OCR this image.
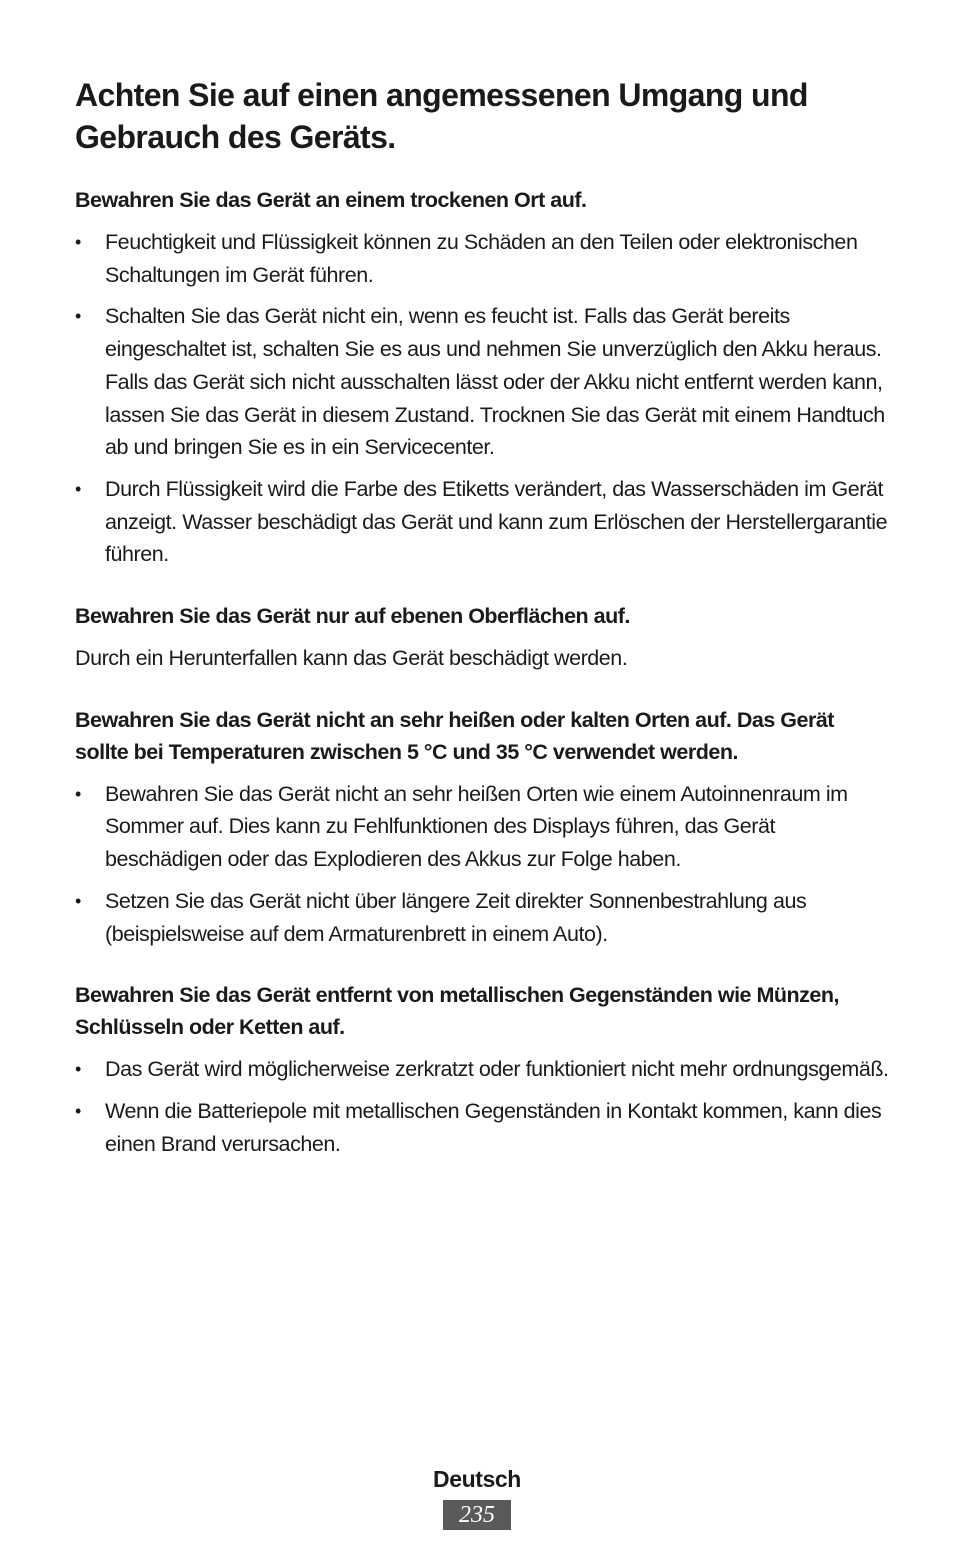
Achten Sie auf einen angemessenen Umgang und Gebrauch des Geräts.
Bewahren Sie das Gerät an einem trockenen Ort auf.
• Feuchtigkeit und Flüssigkeit können zu Schäden an den Teilen oder elektronischen Schaltungen im Gerät führen.
• Schalten Sie das Gerät nicht ein, wenn es feucht ist. Falls das Gerät bereits eingeschaltet ist, schalten Sie es aus und nehmen Sie unverzüglich den Akku heraus. Falls das Gerät sich nicht ausschalten lässt oder der Akku nicht entfernt werden kann, lassen Sie das Gerät in diesem Zustand. Trocknen Sie das Gerät mit einem Handtuch ab und bringen Sie es in ein Servicecenter.
• Durch Flüssigkeit wird die Farbe des Etiketts verändert, das Wasserschäden im Gerät anzeigt. Wasser beschädigt das Gerät und kann zum Erlöschen der Herstellergarantie führen.
Bewahren Sie das Gerät nur auf ebenen Oberflächen auf.

Durch ein Herunterfallen kann das Gerät beschädigt werden.

Bewahren Sie das Gerät nicht an sehr heißen oder kalten Orten auf. Das Gerät sollte bei Temperaturen zwischen 5 °C und 35 °C verwendet werden.
• Bewahren Sie das Gerät nicht an sehr heißen Orten wie einem Autoinnenraum im Sommer auf. Dies kann zu Fehlfunktionen des Displays führen, das Gerät beschädigen oder das Explodieren des Akkus zur Folge haben.
• Setzen Sie das Gerät nicht über längere Zeit direkter Sonnenbestrahlung aus (beispielsweise auf dem Armaturenbrett in einem Auto).
Bewahren Sie das Gerät entfernt von metallischen Gegenständen wie Münzen, Schlüsseln oder Ketten auf.
• Das Gerät wird möglicherweise zerkratzt oder funktioniert nicht mehr ordnungsgemäß.
• Wenn die Batteriepole mit metallischen Gegenständen in Kontakt kommen, kann dies einen Brand verursachen.
Deutsch
235
